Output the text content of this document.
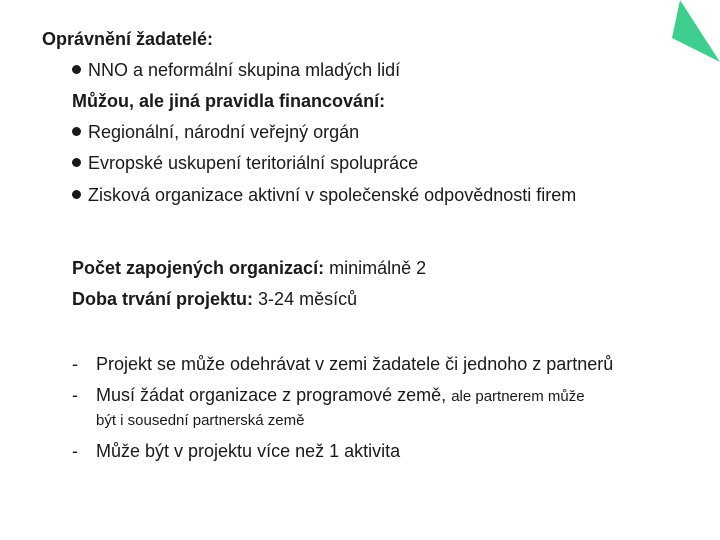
Oprávnění žadatelé:
NNO a neformální skupina mladých lidí
Můžou, ale jiná pravidla financování:
Regionální, národní veřejný orgán
Evropské uskupení teritoriální spolupráce
Zisková organizace aktivní v společenské odpovědnosti firem
Počet zapojených organizací: minimálně 2
Doba trvání projektu: 3-24 měsíců
- Projekt se může odehrávat v zemi žadatele či jednoho z partnerů
- Musí žádat organizace z programové země, ale partnerem může
být i sousední partnerská země
- Může být v projektu více než 1 aktivita
